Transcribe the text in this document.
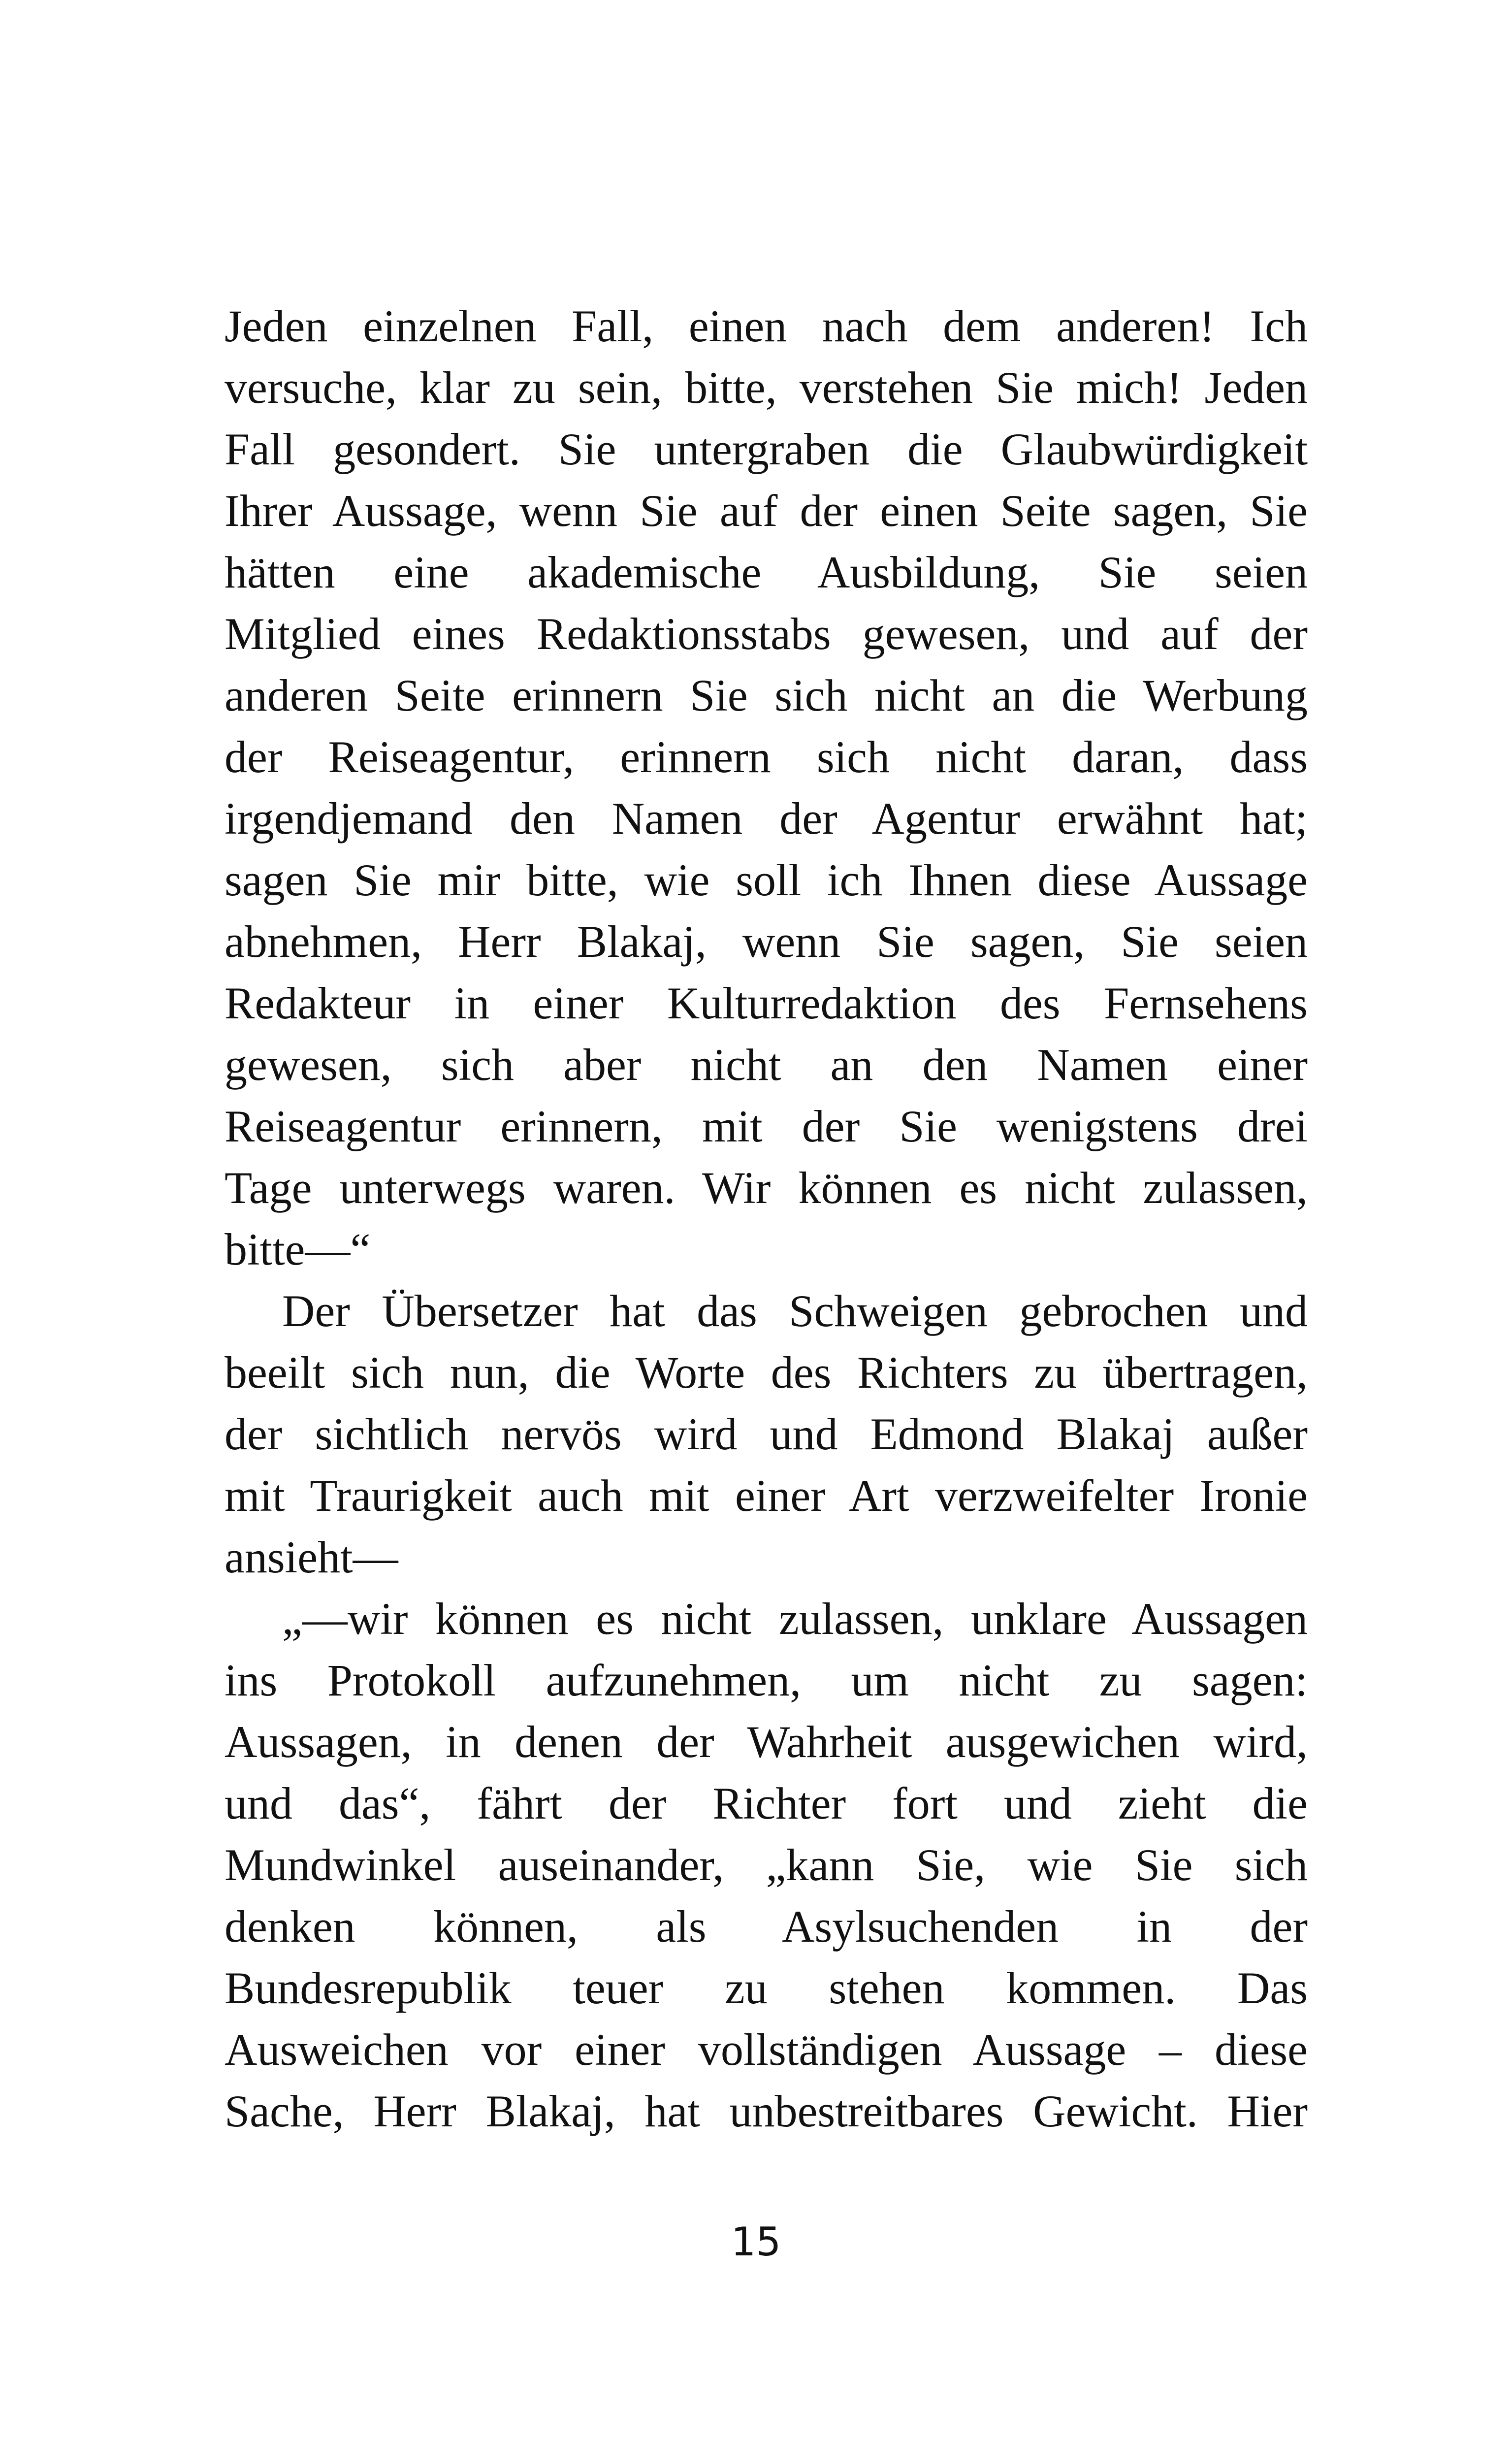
Jeden einzelnen Fall, einen nach dem anderen! Ich
versuche, klar zu sein, bitte, verstehen Sie mich! Jeden
Fall gesondert. Sie untergraben die Glaubwürdigkeit
Ihrer Aussage, wenn Sie auf der einen Seite sagen, Sie
hätten eine akademische Ausbildung, Sie seien
Mitglied eines Redaktionsstabs gewesen, und auf der
anderen Seite erinnern Sie sich nicht an die Werbung
der Reiseagentur, erinnern sich nicht daran, dass
irgendjemand den Namen der Agentur erwähnt hat;
sagen Sie mir bitte, wie soll ich Ihnen diese Aussage
abnehmen, Herr Blakaj, wenn Sie sagen, Sie seien
Redakteur in einer Kulturredaktion des Fernsehens
gewesen, sich aber nicht an den Namen einer
Reiseagentur erinnern, mit der Sie wenigstens drei
Tage unterwegs waren. Wir können es nicht zulassen,
bitte—“
Der Übersetzer hat das Schweigen gebrochen und
beeilt sich nun, die Worte des Richters zu übertragen,
der sichtlich nervös wird und Edmond Blakaj außer
mit Traurigkeit auch mit einer Art verzweifelter Ironie
ansieht—
„—wir können es nicht zulassen, unklare Aussagen
ins Protokoll aufzunehmen, um nicht zu sagen:
Aussagen, in denen der Wahrheit ausgewichen wird,
und das“, fährt der Richter fort und zieht die
Mundwinkel auseinander, „kann Sie, wie Sie sich
denken können, als Asylsuchenden in der
Bundesrepublik teuer zu stehen kommen. Das
Ausweichen vor einer vollständigen Aussage – diese
Sache, Herr Blakaj, hat unbestreitbares Gewicht. Hier
15
